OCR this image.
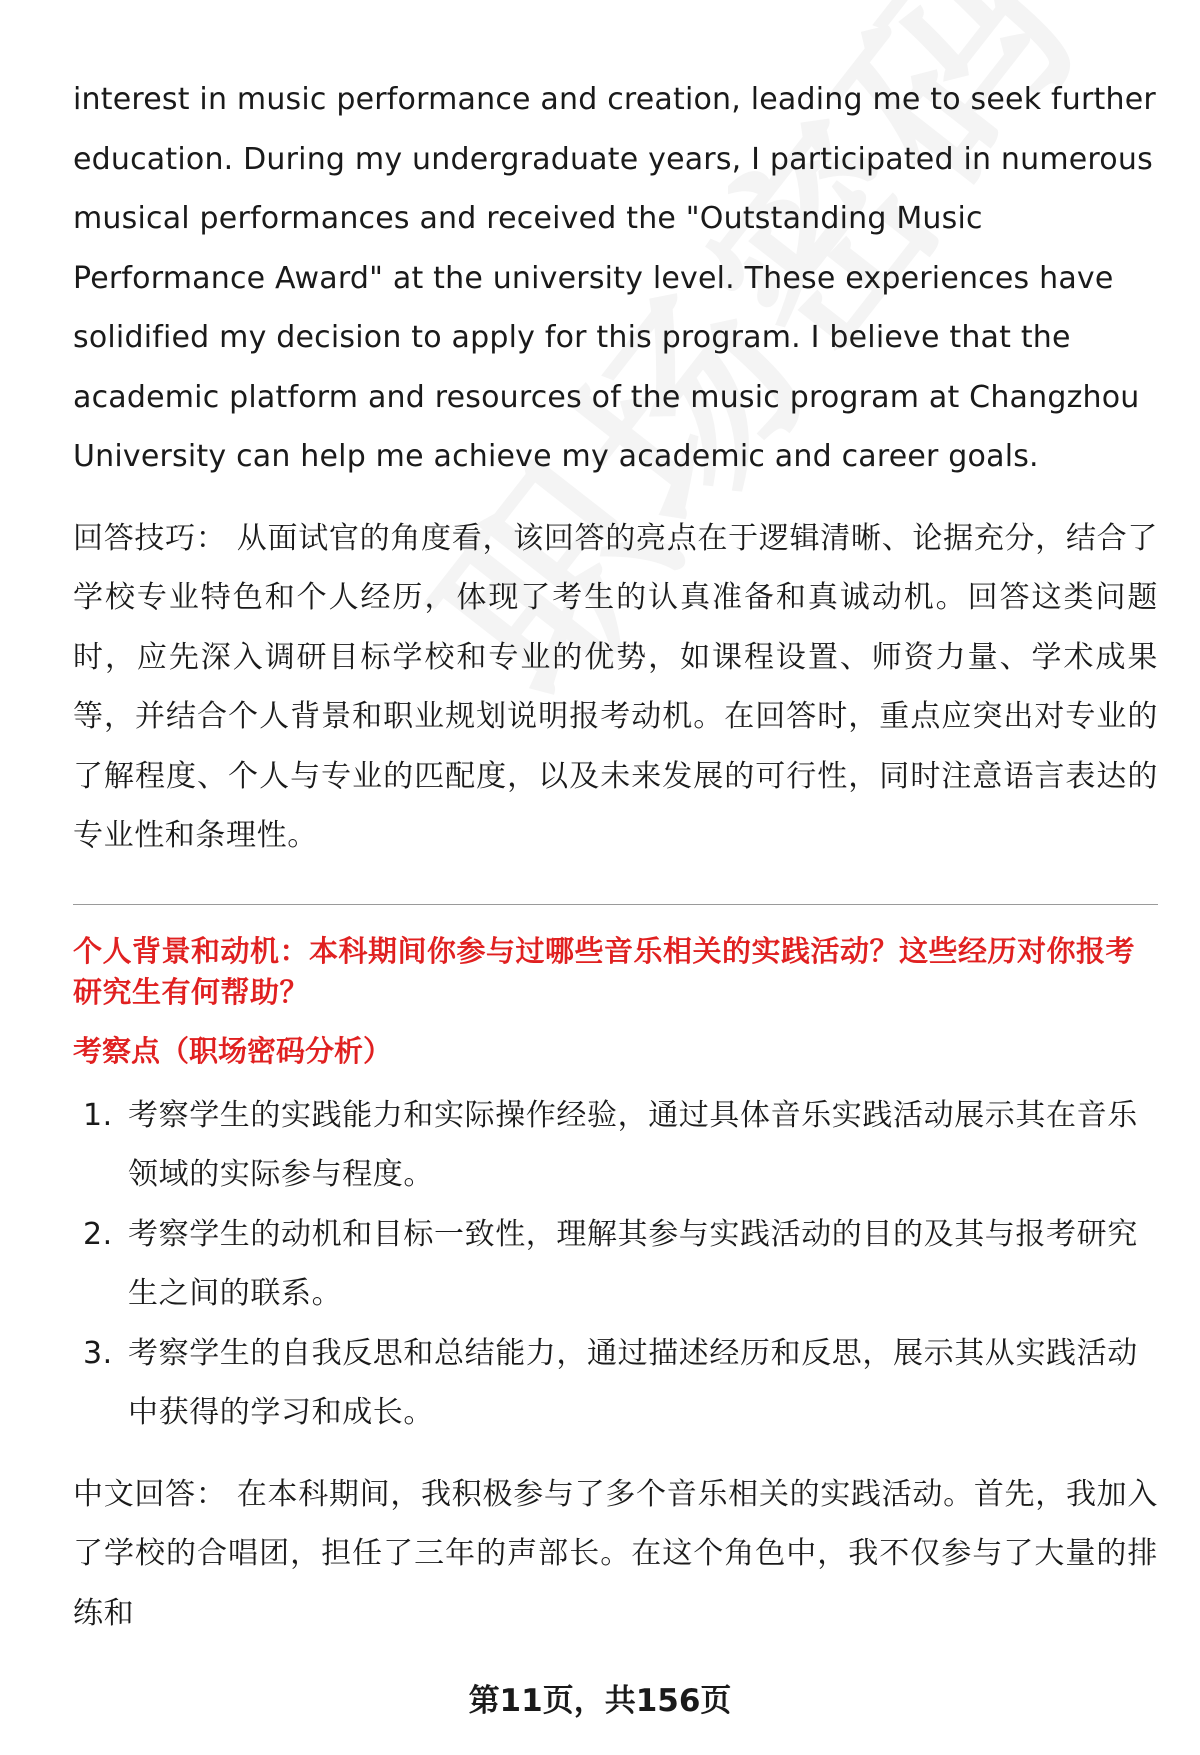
interest in music performance and creation, leading me to seek further education. During my undergraduate years, I participated in numerous musical performances and received the "Outstanding Music Performance Award" at the university level. These experiences have solidified my decision to apply for this program. I believe that the academic platform and resources of the music program at Changzhou University can help me achieve my academic and career goals.

回答技巧： 从面试官的角度看，该回答的亮点在于逻辑清晰、论据充分，结合了学校专业特色和个人经历，体现了考生的认真准备和真诚动机。回答这类问题时，应先深入调研目标学校和专业的优势，如课程设置、师资力量、学术成果等，并结合个人背景和职业规划说明报考动机。在回答时，重点应突出对专业的了解程度、个人与专业的匹配度，以及未来发展的可行性，同时注意语言表达的专业性和条理性。

个人背景和动机：本科期间你参与过哪些音乐相关的实践活动？这些经历对你报考研究生有何帮助？
考察点（职场密码分析）
1. 考察学生的实践能力和实际操作经验，通过具体音乐实践活动展示其在音乐领域的实际参与程度。
2. 考察学生的动机和目标一致性，理解其参与实践活动的目的及其与报考研究生之间的联系。
3. 考察学生的自我反思和总结能力，通过描述经历和反思，展示其从实践活动中获得的学习和成长。

中文回答： 在本科期间，我积极参与了多个音乐相关的实践活动。首先，我加入了学校的合唱团，担任了三年的声部长。在这个角色中，我不仅参与了大量的排练和

第11页，共156页
